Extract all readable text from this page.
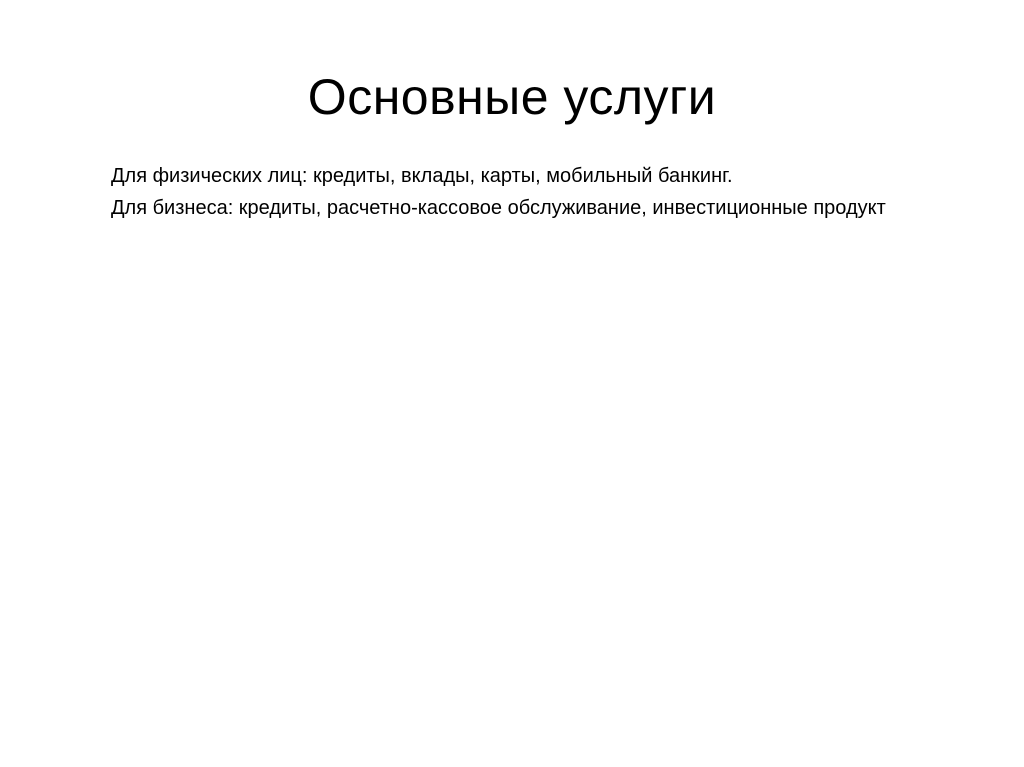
Основные услуги
Для физических лиц: кредиты, вклады, карты, мобильный банкинг.
Для бизнеса: кредиты, расчетно-кассовое обслуживание, инвестиционные продукт
